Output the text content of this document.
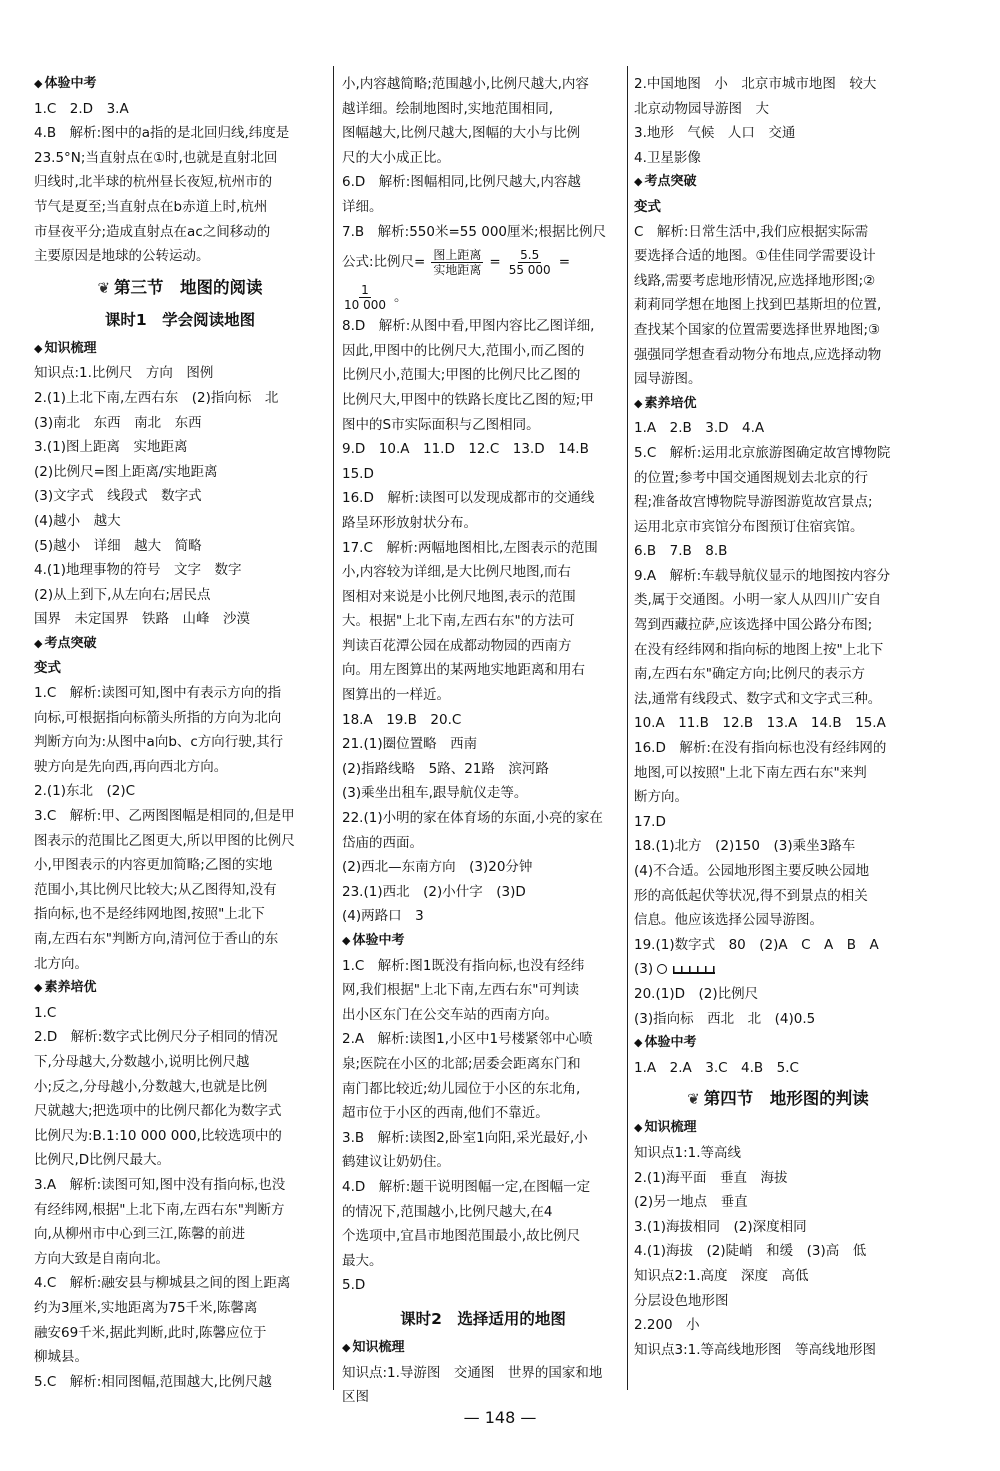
◆ 体验中考
1.C　2.D　3.A
4.B　解析:图中的a指的是北回归线,纬度是
23.5°N;当直射点在①时,也就是直射北回
归线时,北半球的杭州昼长夜短,杭州市的
节气是夏至;当直射点在b赤道上时,杭州
市昼夜平分;造成直射点在ac之间移动的
主要原因是地球的公转运动。
❦ 第三节　地图的阅读
课时1　学会阅读地图
◆ 知识梳理
知识点:1.比例尺　方向　图例
2.(1)上北下南,左西右东　(2)指向标　北
(3)南北　东西　南北　东西
3.(1)图上距离　实地距离
(2)比例尺=图上距离/实地距离
(3)文字式　线段式　数字式
(4)越小　越大
(5)越小　详细　越大　简略
4.(1)地理事物的符号　文字　数字
(2)从上到下,从左向右;居民点
国界　未定国界　铁路　山峰　沙漠
◆ 考点突破
变式
1.C　解析:读图可知,图中有表示方向的指
向标,可根据指向标箭头所指的方向为北向
判断方向为:从图中a向b、c方向行驶,其行
驶方向是先向西,再向西北方向。
2.(1)东北　(2)C
3.C　解析:甲、乙两图图幅是相同的,但是甲
图表示的范围比乙图更大,所以甲图的比例尺
小,甲图表示的内容更加简略;乙图的实地
范围小,其比例尺比较大;从乙图得知,没有
指向标,也不是经纬网地图,按照"上北下
南,左西右东"判断方向,清河位于香山的东
北方向。
◆ 素养培优
1.C
2.D　解析:数字式比例尺分子相同的情况
下,分母越大,分数越小,说明比例尺越
小;反之,分母越小,分数越大,也就是比例
尺就越大;把选项中的比例尺都化为数字式
比例尺为:B.1:10 000 000,比较选项中的
比例尺,D比例尺最大。
3.A　解析:读图可知,图中没有指向标,也没
有经纬网,根据"上北下南,左西右东"判断方
向,从柳州市中心到三江,陈馨的前进
方向大致是自南向北。
4.C　解析:融安县与柳城县之间的图上距离
约为3厘米,实地距离为75千米,陈馨离
融安69千米,据此判断,此时,陈馨应位于
柳城县。
5.C　解析:相同图幅,范围越大,比例尺越
小,内容越简略;范围越小,比例尺越大,内容
越详细。绘制地图时,实地范围相同,
图幅越大,比例尺越大,图幅的大小与比例
尺的大小成正比。
6.D　解析:图幅相同,比例尺越大,内容越
详细。
7.B　解析:550米=55 000厘米;根据比例尺
公式:比例尺= $\frac{\text{图上距离}}{\text{实地距离}} = \frac{5.5}{55 000}$ =
$\frac{1}{10 000}$ 。
8.D　解析:从图中看,甲图内容比乙图详细,
因此,甲图中的比例尺大,范围小,而乙图的
比例尺小,范围大;甲图的比例尺比乙图的
比例尺大,甲图中的铁路长度比乙图的短;甲
图中的S市实际面积与乙图相同。
9.D　10.A　11.D　12.C　13.D　14.B
15.D
16.D　解析:读图可以发现成都市的交通线
路呈环形放射状分布。
17.C　解析:两幅地图相比,左图表示的范围
小,内容较为详细,是大比例尺地图,而右
图相对来说是小比例尺地图,表示的范围
大。根据"上北下南,左西右东"的方法可
判读百花潭公园在成都动物园的西南方
向。用左图算出的某两地实地距离和用右
图算出的一样近。
18.A　19.B　20.C
21.(1)圈位置略　西南
(2)指路线略　5路、21路　滨河路
(3)乘坐出租车,跟导航仪走等。
22.(1)小明的家在体育场的东面,小亮的家在
岱庙的西面。
(2)西北—东南方向　(3)20分钟
23.(1)西北　(2)小什字　(3)D
(4)两路口　3
◆ 体验中考
1.C　解析:图1既没有指向标,也没有经纬
网,我们根据"上北下南,左西右东"可判读
出小区东门在公交车站的西南方向。
2.A　解析:读图1,小区中1号楼紧邻中心喷
泉;医院在小区的北部;居委会距离东门和
南门都比较近;幼儿园位于小区的东北角,
超市位于小区的西南,他们不靠近。
3.B　解析:读图2,卧室1向阳,采光最好,小
鹤建议让奶奶住。
4.D　解析:题干说明图幅一定,在图幅一定
的情况下,范围越小,比例尺越大,在4
个选项中,宜昌市地图范围最小,故比例尺
最大。
5.D
课时2　选择适用的地图
◆ 知识梳理
知识点:1.导游图　交通图　世界的国家和地
区图
2.中国地图　小　北京市城市地图　较大
北京动物园导游图　大
3.地形　气候　人口　交通
4.卫星影像
◆ 考点突破
变式
C　解析:日常生活中,我们应根据实际需
要选择合适的地图。①佳佳同学需要设计
线路,需要考虑地形情况,应选择地形图;②
莉莉同学想在地图上找到巴基斯坦的位置,
查找某个国家的位置需要选择世界地图;③
强强同学想查看动物分布地点,应选择动物
园导游图。
◆ 素养培优
1.A　2.B　3.D　4.A
5.C　解析:运用北京旅游图确定故宫博物院
的位置;参考中国交通图规划去北京的行
程;准备故宫博物院导游图游览故宫景点;
运用北京市宾馆分布图预订住宿宾馆。
6.B　7.B　8.B
9.A　解析:车载导航仪显示的地图按内容分
类,属于交通图。小明一家人从四川广安自
驾到西藏拉萨,应该选择中国公路分布图;
在没有经纬网和指向标的地图上按"上北下
南,左西右东"确定方向;比例尺的表示方
法,通常有线段式、数字式和文字式三种。
10.A　11.B　12.B　13.A　14.B　15.A
16.D　解析:在没有指向标也没有经纬网的
地图,可以按照"上北下南左西右东"来判
断方向。
17.D
18.(1)北方　(2)150　(3)乘坐3路车
(4)不合适。公园地形图主要反映公园地
形的高低起伏等状况,得不到景点的相关
信息。他应该选择公园导游图。
19.(1)数字式　80　(2)A　C　A　B　A
(3)
20.(1)D　(2)比例尺
(3)指向标　西北　北　(4)0.5
◆ 体验中考
1.A　2.A　3.C　4.B　5.C
❦ 第四节　地形图的判读
◆ 知识梳理
知识点1:1.等高线
2.(1)海平面　垂直　海拔
(2)另一地点　垂直
3.(1)海拔相同　(2)深度相同
4.(1)海拔　(2)陡峭　和缓　(3)高　低
知识点2:1.高度　深度　高低
分层设色地形图
2.200　小
知识点3:1.等高线地形图　等高线地形图
— 148 —
